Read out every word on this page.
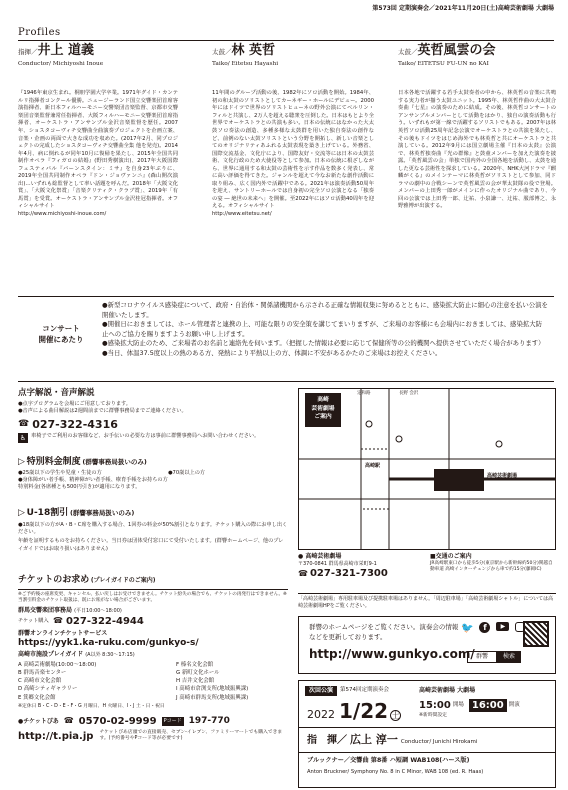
第573回 定期演奏会／2021年11月20日(土)高崎芸術劇場 大劇場
Profiles
指揮／井上 道義
Conductor/ Michiyoshi Inoue
『1946年東京生まれ。桐朋学園大学卒業。1971年グイド・カンテルリ指揮者コンクール優勝。ニュージーランド国立交響楽団首席客演指揮者、新日本フィルハーモニー交響楽団音楽監督、京都市交響楽団音楽監督兼常任指揮者、大阪フィルハーモニー交響楽団首席指揮者、オーケストラ・アンサンブル金沢音楽監督を歴任。2007年、ショスタコーヴィチ交響曲全曲演奏プロジェクトを企画立案、音楽・企画の両面で大きな成功を収めた。(2017年2月、同プロジェクトの完成したショスタコーヴィチ交響曲全集 他を発売)。2014年4月、病に倒れるが同年10月に復帰を果たし、2015年全国共同制作オペラ『フィガロの結婚』(野田秀樹演出)、2017年大阪国際フェスティバル『バーンスタイン：ミサ』を自身23年ぶりに、2019年全国共同制作オペラ『ドン・ジョヴァンニ』(森山開次演出)…いずれも総監督として率い話題を呼んだ。2018年「大阪文化賞」、「大阪文化祭賞」「音楽クリティク・クラブ賞」、2019年「有馬賞」を受賞。オーケストラ・アンサンブル金沢桂冠指揮者。オフィシャルサイト
http://www.michiyoshi-inoue.com/
太鼓／林 英哲
Taiko/ Eitetsu Hayashi
11年間のグループ活動の後、1982年にソロ活動を開始。1984年、初の和太鼓のソリストとしてカーネギー・ホールにデビュー。2000年にはドイツで世界のソリストヒューネの野外公演にてベルリン・フィルと共演し、2万人を超える聴衆を圧倒した。日本はもとより全世界でオーケストラとの共演も多い。日本の伝統にはなかった大太鼓ソロ奏法の創造、多種多様な太鼓群を用いた独自奏法の創作など、前例のない太鼓ソリストという分野を開拓し、新しい音楽としてのオリジナリティあふれる太鼓表現を築き上げている。外務省、国際交流基金、文化庁により、国際友好・交流等には日本の太鼓芸術、文化行政のため大使役等として参加。日本の伝統に根ざしながら、世界に通用する和太鼓の芸術性を示す作品を数多く発表し、常に高い評価を得てきた。ジャンルを超えて今なお新たな創作活動に取り組み、広く国内外で活躍中である。2021年は演奏活動50周年を迎え、サントリーホールでは自身初の完全ソロ公演となる「独奏の宴 ― 絶世の未来へ」を開催。至2022年にはソロ活動40周年を迎える。オフィシャルサイト
http://www.eitetsu.net/
太鼓／英哲風雲の会
Taiko/ EITETSU FU-UN no KAI
日本各地で活躍する若手太鼓奏者の中から、林英哲の音楽に共鳴する実力者が揃う太鼓ユニット。1995年、林英哲作曲の大太鼓合奏曲『七星』の演奏のために結成。その後、林英哲コンサートのアンサンブルメンバーとして活動をはかり、独自の演奏活動も行う。いずれもが第一線で活躍するソリストでもある。2007年は林英哲ソロ活動25周年記念公演でオーケストラとの共演を果たし、その後もドイツをはじめ海外でも林英哲と共にオーケストラと共演している。2012年9月には国立劇場主催『日本の太鼓』公演で、林英哲独奏曲『光の群像』と鼓童メンバーを加えた演奏を披露。「英哲風雲の会」単独で国内外の全国各地を活動し、太鼓を通した更なる芸術性を探求している。2020年、NHK大河ドラマ『麒麟がくる』のメインテーマに林英哲がソリストとして参加、同ドラマの劇中の合戦シーンで英哲風雲の会が華太鼓隊の役で登場。メンバーの上田秀一郎がメインに作ったオリジナル曲であり、今回の公演では上田秀一郎、辻祐、小泉謙一、辻祐、服部博之、永野雅博が出演する。
コンサート
開催にあたり
●新型コロナウイルス感染症について、政府・自治体・関係諸機関から示される正確な情報収集に努めるとともに、感染拡大防止に細心の注意を払い公演を開催いたします。
●開催日におきましては、ホール管理者と連携の上、可能な限りの安全策を講じてまいりますが、ご来場のお客様にも会場内におきましては、感染拡大防止へのご協力を賜りますようお願い申し上げます。
●感染拡大防止のため、ご来場者のお名前と連絡先を伺います。（把握した情報は必要に応じて保健所等の公的機関へ提供させていただく場合があります）
●当日、体温37.5度以上の熱のある方、発熱により平熱以上の方、体調に不安があるかたのご来場はお控えください。
点字解説・音声解説
●点字プログラムを会場にご用意しております。
●音声による曲目解説は2週間前までに群響事務局までご連絡ください。
☎ 027-322-4316
♿ 車椅子でご利用のお客様など、お手伝いの必要な方は事前に群響事務局へお問い合わせください。
▷ 特別料金制度 (群響事務局扱いのみ)
●25歳以下の学生や児童・生徒の方
●身体障がい者手帳、精神障がい者手帳、療育手帳をお持ちの方
特別料金(各席種とも500円引き)が適用になります。
●70歳以上の方
▷ U-18割引 (群響事務局扱いのみ)
●18歳以下の方がA・B・C席を購入する場合、1回券の料金が50%割引となります。チケット購入の際にお申し出ください。
年齢を証明するものをお持ちください。当日券は団体受付窓口にて受付いたします。(群響ホームページ、他のプレイガイドではお取り扱いはありません)
チケットのお求め (プレイガイドのご案内)
※ご予約後の座席変更、キャンセル、払い戻しはお受けできません。チケット紛失の場合でも、チケットの再発行はできません。※当割引料金のチケット取扱は、既にお席がない場合がございます。
群馬交響楽団事務局 (平日10:00〜18:00)
チケット購入 ☎ 027-322-4944
群響オンラインチケットサービス
https://yyk1.ka-ruku.com/gunkyo-s/
高崎市施設プレイガイド (A以外 8:30〜17:15)
A 高崎芸術劇場(10:00〜18:00)
B 群馬音楽センター
C 高崎市文化会館
D 高崎シティギャラリー
E 箕郷文化会館
F 榛名文化会館
G 新町文化ホール
H 吉井文化会館
I 高崎市倉渕支所(地域振興課)
J 高崎市群馬支所(地域振興課)
※定休日 B・C・D・E・F・G 月曜日、H 火曜日、I・J 土・日・祝日
●チケットぴあ ☎ 0570-02-9999	Pコード 197-770
http://t.pia.jp チケットぴあ店頭での直接販売、セブン-イレブン、ファミリーマートでも購入できます。(予約番号やPコード等が必要です)
高崎
芸術劇場
ご案内
定和路	長野 会沢
高崎駅
高崎芸術劇場
● 高崎芸術劇場
〒370-0841 群馬県高崎市栄町9-1
☎ 027-321-7300
■交通のご案内
JR高崎駅東口から徒歩5分(東京駅から新幹線約50分)関越自動車道 高崎インターチェンジから車で約15分(藤岡IC)
「高崎芸術劇場」専用駐車場及び提携駐車場はありません。「周辺駐車場」「高崎芸術劇場シャトル」については高崎芸術劇場HPをご覧ください。
群響のホームページをご覧ください。演奏会の情報などを更新しております。
http://www.gunkyo.com/
🐦	f	▶
群響	検索
次回公演	第574回定期演奏会
2022 1/22 土
高崎芸術劇場 大劇場
15:00 開場 16:00 開演
※新時間設定
指　揮／ 広上 淳一 Conductor/ Junichi Hirokami
ブルックナー／交響曲 第8番 ハ短調 WAB108(ハース版)
Anton Bruckner/ Symphony No. 8 in C Minor, WAB 108 (ed. R. Haas)
